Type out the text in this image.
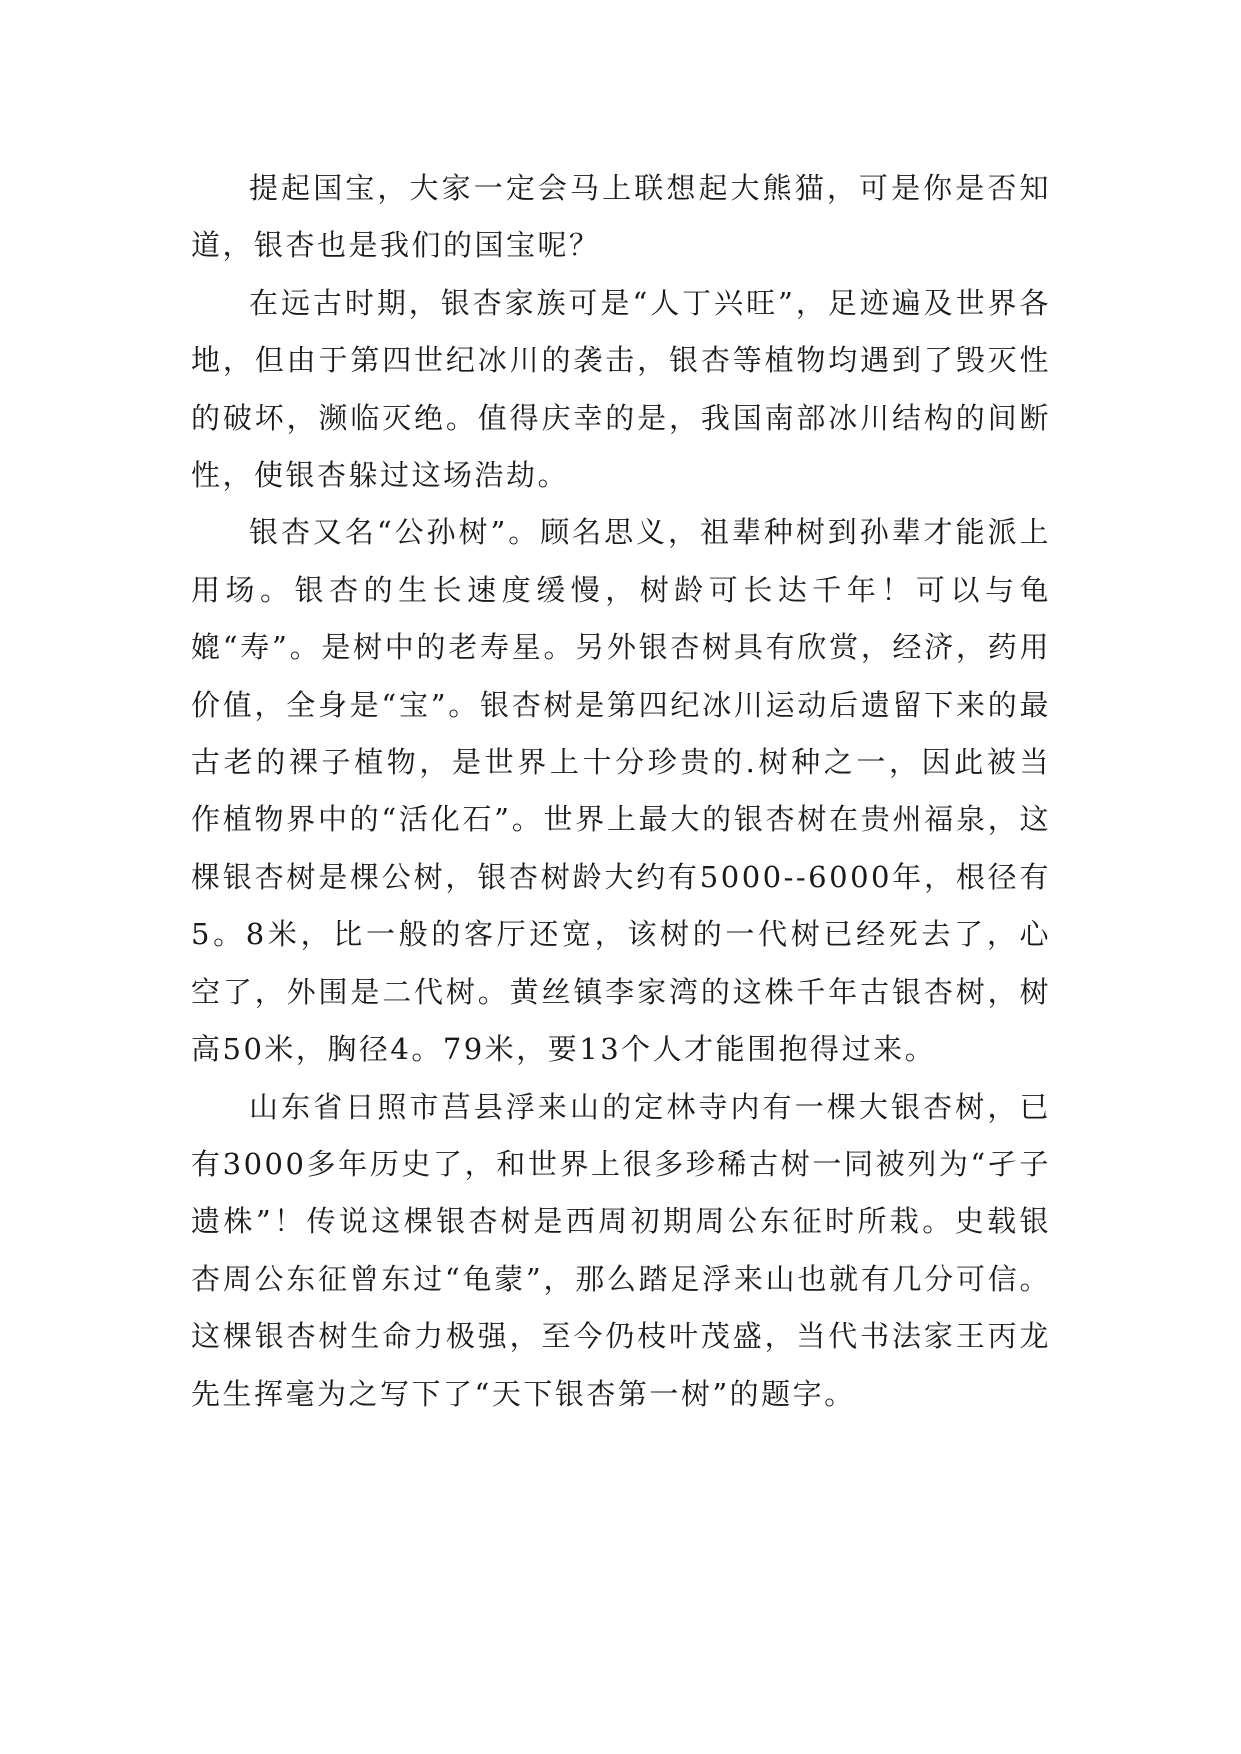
提起国宝，大家一定会马上联想起大熊猫，可是你是否知道，银杏也是我们的国宝呢？

在远古时期，银杏家族可是“人丁兴旺”，足迹遍及世界各地，但由于第四世纪冰川的袭击，银杏等植物均遇到了毁灭性的破坏，濒临灭绝。值得庆幸的是，我国南部冰川结构的间断性，使银杏躲过这场浩劫。

银杏又名“公孙树”。顾名思义，祖辈种树到孙辈才能派上用场。银杏的生长速度缓慢，树龄可长达千年！可以与龟媲“寿”。是树中的老寿星。另外银杏树具有欣赏，经济，药用价值，全身是“宝”。银杏树是第四纪冰川运动后遗留下来的最古老的裸子植物，是世界上十分珍贵的.树种之一，因此被当作植物界中的“活化石”。世界上最大的银杏树在贵州福泉，这棵银杏树是棵公树，银杏树龄大约有5000--6000年，根径有5。8米，比一般的客厅还宽，该树的一代树已经死去了，心空了，外围是二代树。黄丝镇李家湾的这株千年古银杏树，树高50米，胸径4。79米，要13个人才能围抱得过来。

山东省日照市莒县浮来山的定林寺内有一棵大银杏树，已有3000多年历史了，和世界上很多珍稀古树一同被列为“孑子遗株”！传说这棵银杏树是西周初期周公东征时所栽。史载银杏周公东征曾东过“龟蒙”，那么踏足浮来山也就有几分可信。这棵银杏树生命力极强，至今仍枝叶茂盛，当代书法家王丙龙先生挥毫为之写下了“天下银杏第一树”的题字。
